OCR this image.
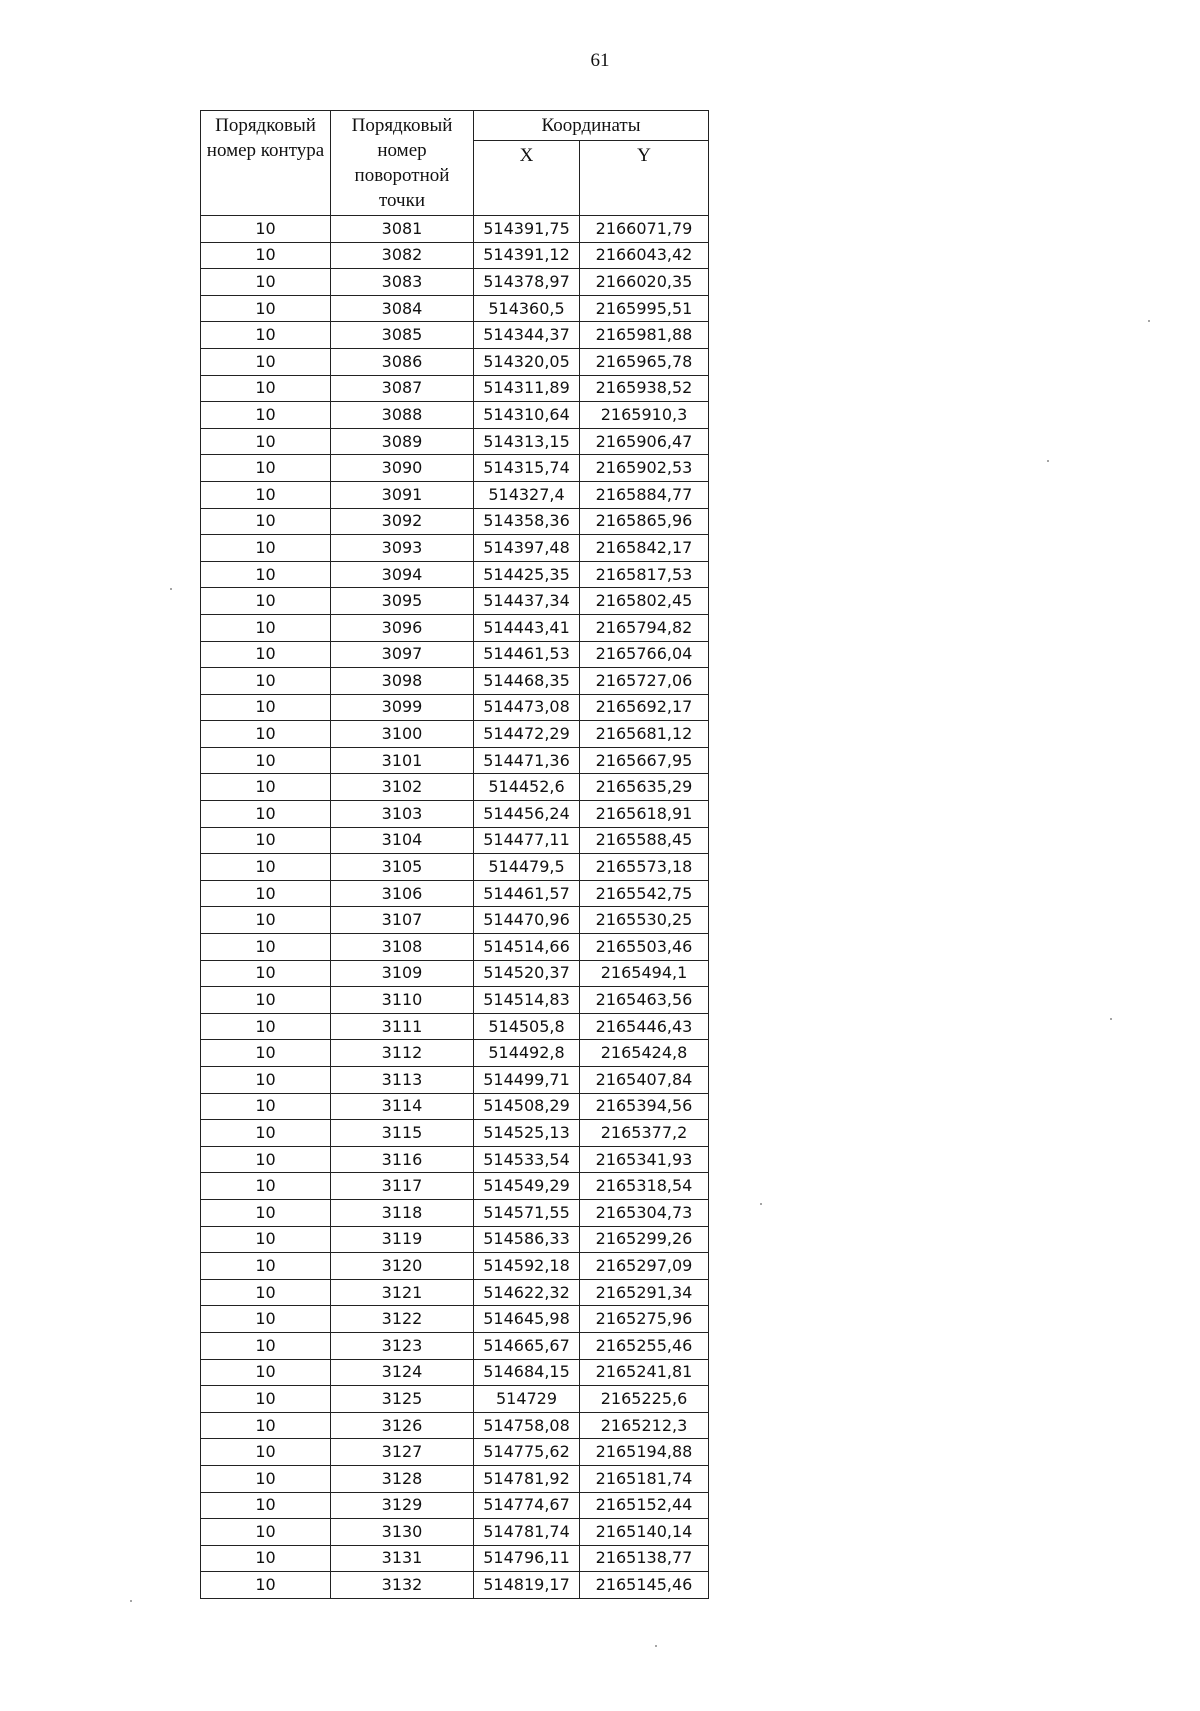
61
Порядковый номер контура	Порядковый номер поворотной точки	Координаты	
		X	Y
10	3081	514391,75	2166071,79
10	3082	514391,12	2166043,42
10	3083	514378,97	2166020,35
10	3084	514360,5	2165995,51
10	3085	514344,37	2165981,88
10	3086	514320,05	2165965,78
10	3087	514311,89	2165938,52
10	3088	514310,64	2165910,3
10	3089	514313,15	2165906,47
10	3090	514315,74	2165902,53
10	3091	514327,4	2165884,77
10	3092	514358,36	2165865,96
10	3093	514397,48	2165842,17
10	3094	514425,35	2165817,53
10	3095	514437,34	2165802,45
10	3096	514443,41	2165794,82
10	3097	514461,53	2165766,04
10	3098	514468,35	2165727,06
10	3099	514473,08	2165692,17
10	3100	514472,29	2165681,12
10	3101	514471,36	2165667,95
10	3102	514452,6	2165635,29
10	3103	514456,24	2165618,91
10	3104	514477,11	2165588,45
10	3105	514479,5	2165573,18
10	3106	514461,57	2165542,75
10	3107	514470,96	2165530,25
10	3108	514514,66	2165503,46
10	3109	514520,37	2165494,1
10	3110	514514,83	2165463,56
10	3111	514505,8	2165446,43
10	3112	514492,8	2165424,8
10	3113	514499,71	2165407,84
10	3114	514508,29	2165394,56
10	3115	514525,13	2165377,2
10	3116	514533,54	2165341,93
10	3117	514549,29	2165318,54
10	3118	514571,55	2165304,73
10	3119	514586,33	2165299,26
10	3120	514592,18	2165297,09
10	3121	514622,32	2165291,34
10	3122	514645,98	2165275,96
10	3123	514665,67	2165255,46
10	3124	514684,15	2165241,81
10	3125	514729	2165225,6
10	3126	514758,08	2165212,3
10	3127	514775,62	2165194,88
10	3128	514781,92	2165181,74
10	3129	514774,67	2165152,44
10	3130	514781,74	2165140,14
10	3131	514796,11	2165138,77
10	3132	514819,17	2165145,46
